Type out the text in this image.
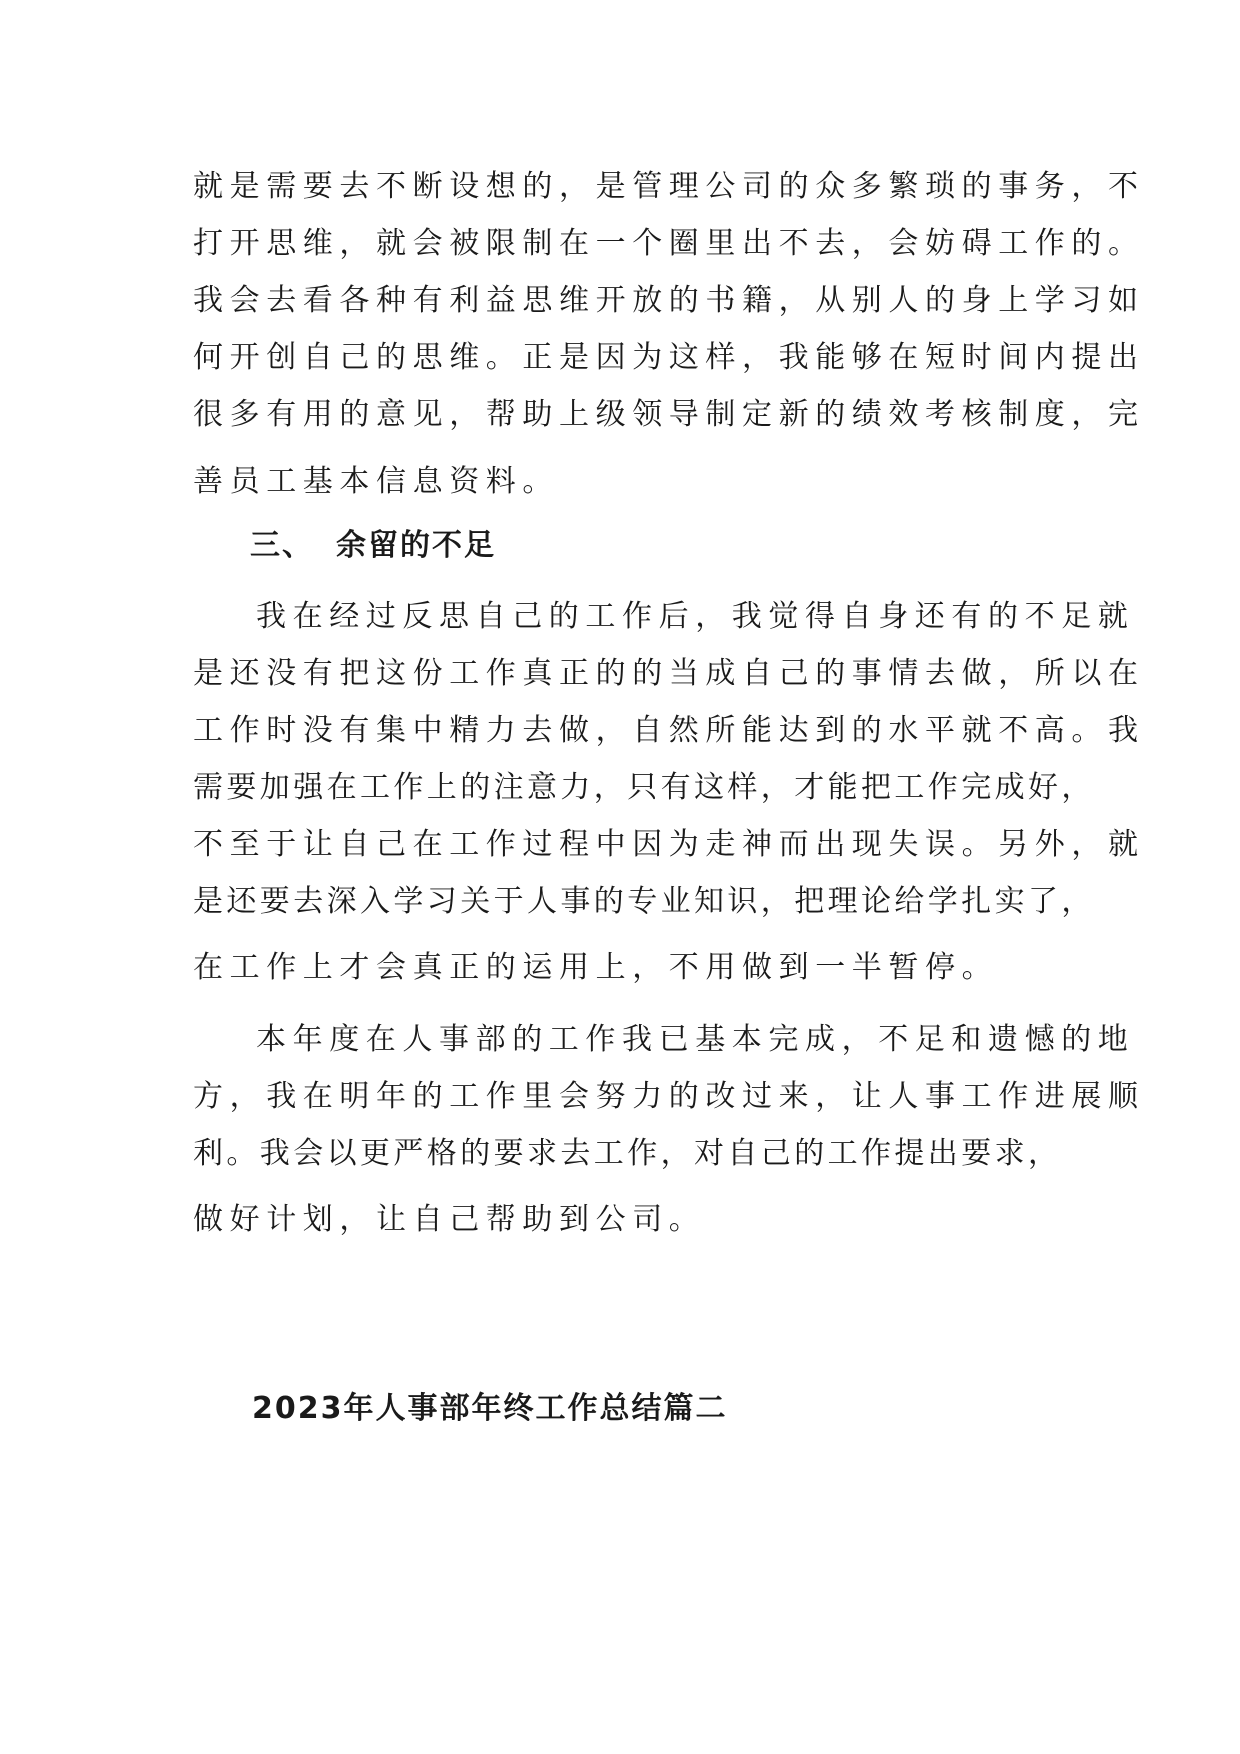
就是需要去不断设想的，是管理公司的众多繁琐的事务，不
打开思维，就会被限制在一个圈里出不去，会妨碍工作的。
我会去看各种有利益思维开放的书籍，从别人的身上学习如
何开创自己的思维。正是因为这样，我能够在短时间内提出
很多有用的意见，帮助上级领导制定新的绩效考核制度，完
善员工基本信息资料。
三、 余留的不足
我在经过反思自己的工作后，我觉得自身还有的不足就
是还没有把这份工作真正的的当成自己的事情去做，所以在
工作时没有集中精力去做，自然所能达到的水平就不高。我
需要加强在工作上的注意力，只有这样，才能把工作完成好，
不至于让自己在工作过程中因为走神而出现失误。另外，就
是还要去深入学习关于人事的专业知识，把理论给学扎实了，
在工作上才会真正的运用上，不用做到一半暂停。
本年度在人事部的工作我已基本完成，不足和遗憾的地
方，我在明年的工作里会努力的改过来，让人事工作进展顺
利。我会以更严格的要求去工作，对自己的工作提出要求，
做好计划，让自己帮助到公司。
2023年人事部年终工作总结篇二
